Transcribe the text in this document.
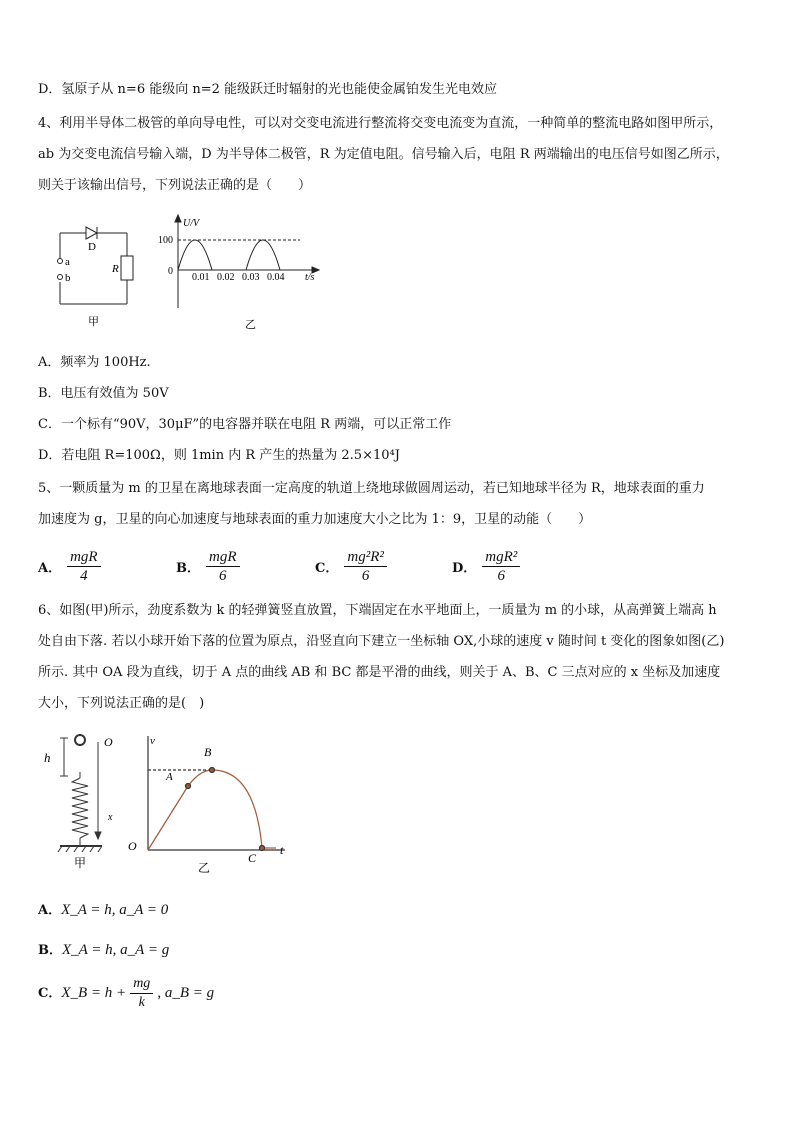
D．氢原子从 n=6 能级向 n=2 能级跃迁时辐射的光也能使金属铂发生光电效应
4、利用半导体二极管的单向导电性，可以对交变电流进行整流将交变电流变为直流，一种简单的整流电路如图甲所示，
ab 为交变电流信号输入端，D 为半导体二极管，R 为定值电阻。信号输入后，电阻 R 两端输出的电压信号如图乙所示，
则关于该输出信号，下列说法正确的是（　　）
D
a
b
R
甲
U/V
100
0
0.01 0.02 0.03 0.04 t/s
乙
A．频率为 100Hz.
B．电压有效值为 50V
C．一个标有“90V，30μF”的电容器并联在电阻 R 两端，可以正常工作
D．若电阻 R=100Ω，则 1min 内 R 产生的热量为 2.5×10⁴J
5、一颗质量为 m 的卫星在离地球表面一定高度的轨道上绕地球做圆周运动，若已知地球半径为 R，地球表面的重力
加速度为 g，卫星的向心加速度与地球表面的重力加速度大小之比为 1：9，卫星的动能（　　）
A． $\frac{\text{mgR}}{4}$	B． $\frac{\text{mgR}}{6}$	C． $\frac{\text{mg²R²}}{6}$	D． $\frac{\text{mgR²}}{6}$
6、如图(甲)所示，劲度系数为 k 的轻弹簧竖直放置，下端固定在水平地面上，一质量为 m 的小球，从高弹簧上端高 h
处自由下落. 若以小球开始下落的位置为原点，沿竖直向下建立一坐标轴 OX,小球的速度 v 随时间 t 变化的图象如图(乙)
所示. 其中 OA 段为直线，切于 A 点的曲线 AB 和 BC 都是平滑的曲线，则关于 A、B、C 三点对应的 x 坐标及加速度
大小，下列说法正确的是(　)
h
O
x
甲
v
B
A
O
C
t
乙
A．X_A = h, a_A = 0
B．X_A = h, a_A = g
C．X_B = $h + \frac{mg}{k}$ , a_B = g
